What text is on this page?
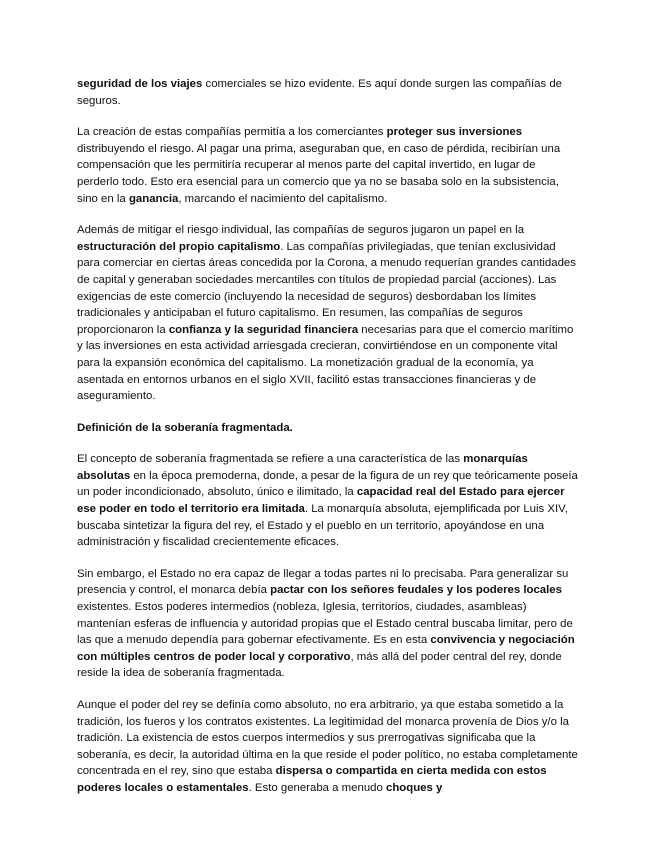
seguridad de los viajes comerciales se hizo evidente. Es aquí donde surgen las compañías de seguros.

La creación de estas compañías permitía a los comerciantes proteger sus inversiones distribuyendo el riesgo. Al pagar una prima, aseguraban que, en caso de pérdida, recibirían una compensación que les permitiría recuperar al menos parte del capital invertido, en lugar de perderlo todo. Esto era esencial para un comercio que ya no se basaba solo en la subsistencia, sino en la ganancia, marcando el nacimiento del capitalismo.

Además de mitigar el riesgo individual, las compañías de seguros jugaron un papel en la estructuración del propio capitalismo. Las compañías privilegiadas, que tenían exclusividad para comerciar en ciertas áreas concedida por la Corona, a menudo requerían grandes cantidades de capital y generaban sociedades mercantiles con títulos de propiedad parcial (acciones). Las exigencias de este comercio (incluyendo la necesidad de seguros) desbordaban los límites tradicionales y anticipaban el futuro capitalismo. En resumen, las compañías de seguros proporcionaron la confianza y la seguridad financiera necesarias para que el comercio marítimo y las inversiones en esta actividad arriesgada crecieran, convirtiéndose en un componente vital para la expansión económica del capitalismo. La monetización gradual de la economía, ya asentada en entornos urbanos en el siglo XVII, facilitó estas transacciones financieras y de aseguramiento.

Definición de la soberanía fragmentada.

El concepto de soberanía fragmentada se refiere a una característica de las monarquías absolutas en la época premoderna, donde, a pesar de la figura de un rey que teóricamente poseía un poder incondicionado, absoluto, único e ilimitado, la capacidad real del Estado para ejercer ese poder en todo el territorio era limitada. La monarquía absoluta, ejemplificada por Luis XIV, buscaba sintetizar la figura del rey, el Estado y el pueblo en un territorio, apoyándose en una administración y fiscalidad crecientemente eficaces.

Sin embargo, el Estado no era capaz de llegar a todas partes ni lo precisaba. Para generalizar su presencia y control, el monarca debía pactar con los señores feudales y los poderes locales existentes. Estos poderes intermedios (nobleza, Iglesia, territorios, ciudades, asambleas) mantenían esferas de influencia y autoridad propias que el Estado central buscaba limitar, pero de las que a menudo dependía para gobernar efectivamente. Es en esta convivencia y negociación con múltiples centros de poder local y corporativo, más allá del poder central del rey, donde reside la idea de soberanía fragmentada.

Aunque el poder del rey se definía como absoluto, no era arbitrario, ya que estaba sometido a la tradición, los fueros y los contratos existentes. La legitimidad del monarca provenía de Dios y/o la tradición. La existencia de estos cuerpos intermedios y sus prerrogativas significaba que la soberanía, es decir, la autoridad última en la que reside el poder político, no estaba completamente concentrada en el rey, sino que estaba dispersa o compartida en cierta medida con estos poderes locales o estamentales. Esto generaba a menudo choques y
